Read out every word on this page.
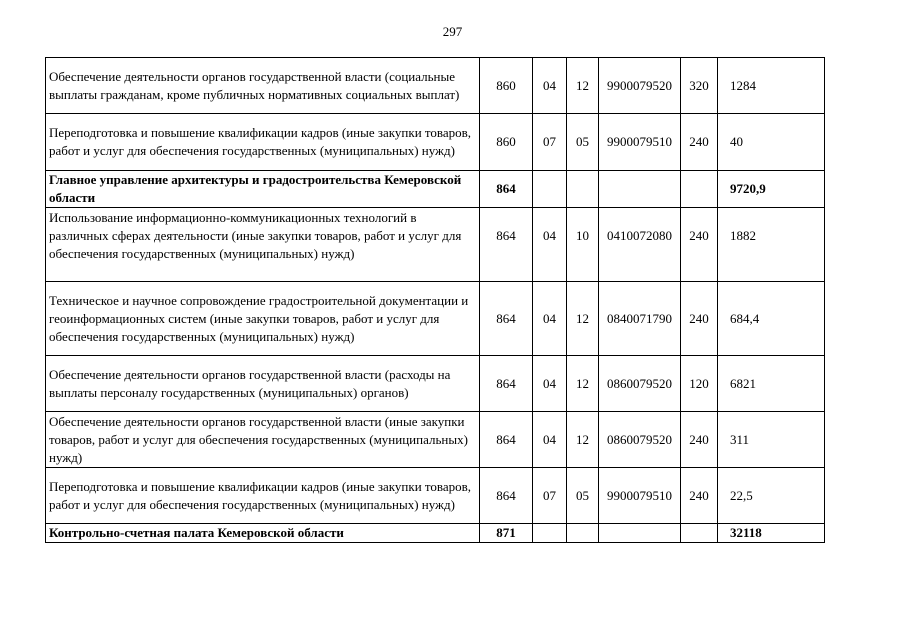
297
Обеспечение деятельности органов государственной власти (социальные выплаты гражданам, кроме публичных нормативных социальных выплат)	860	04	12	9900079520	320	1284

Переподготовка и повышение квалификации кадров (иные закупки товаров, работ и услуг для обеспечения государственных (муниципальных) нужд)	860	07	05	9900079510	240	40

Главное управление архитектуры и градостроительства Кемеровской области	864					9720,9

Использование информационно-коммуникационных технологий в различных сферах деятельности (иные закупки товаров, работ и услуг для обеспечения государственных (муниципальных) нужд)	864	04	10	0410072080	240	1882

Техническое и научное сопровождение градостроительной документации и геоинформационных систем (иные закупки товаров, работ и услуг для обеспечения государственных (муниципальных) нужд)	864	04	12	0840071790	240	684,4

Обеспечение деятельности органов государственной власти (расходы на выплаты персоналу государственных (муниципальных) органов)	864	04	12	0860079520	120	6821

Обеспечение деятельности органов государственной власти (иные закупки товаров, работ и услуг для обеспечения государственных (муниципальных) нужд)	864	04	12	0860079520	240	311

Переподготовка и повышение квалификации кадров (иные закупки товаров, работ и услуг для обеспечения государственных (муниципальных) нужд)	864	07	05	9900079510	240	22,5

Контрольно-счетная палата Кемеровской области	871					32118
